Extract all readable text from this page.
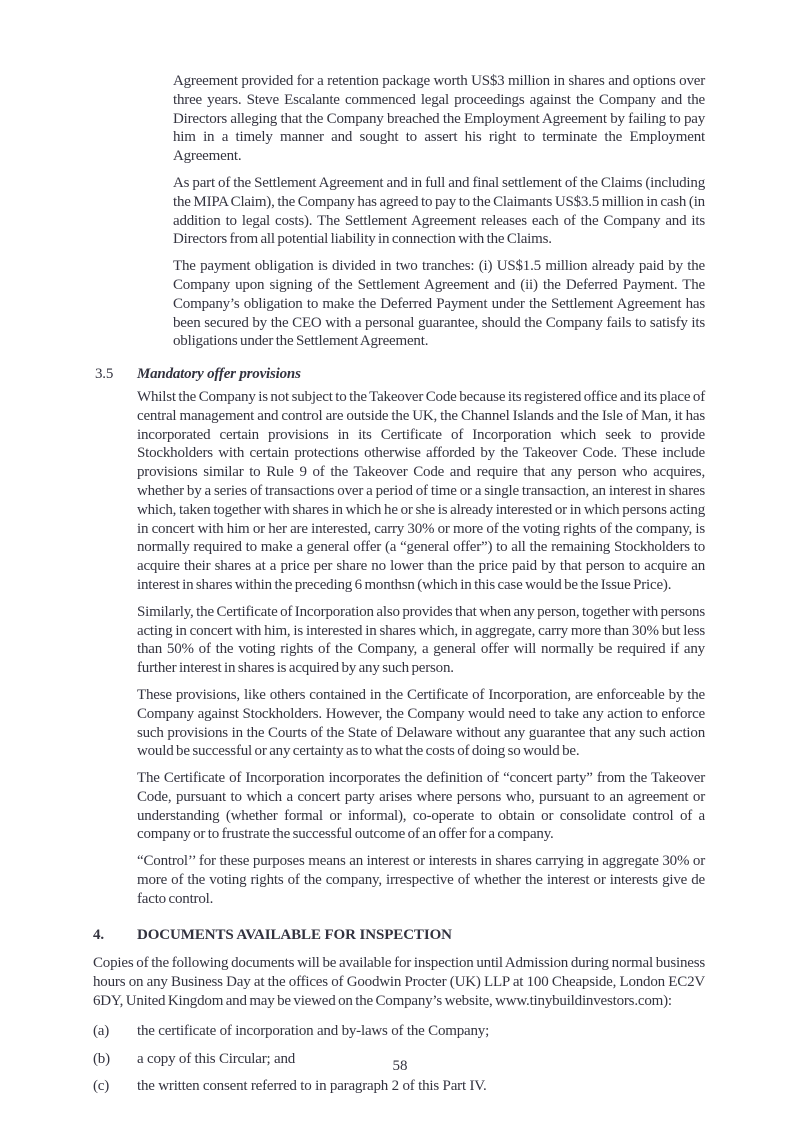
Agreement provided for a retention package worth US$3 million in shares and options over three years. Steve Escalante commenced legal proceedings against the Company and the Directors alleging that the Company breached the Employment Agreement by failing to pay him in a timely manner and sought to assert his right to terminate the Employment Agreement.

As part of the Settlement Agreement and in full and final settlement of the Claims (including the MIPA Claim), the Company has agreed to pay to the Claimants US$3.5 million in cash (in addition to legal costs). The Settlement Agreement releases each of the Company and its Directors from all potential liability in connection with the Claims.

The payment obligation is divided in two tranches: (i) US$1.5 million already paid by the Company upon signing of the Settlement Agreement and (ii) the Deferred Payment. The Company’s obligation to make the Deferred Payment under the Settlement Agreement has been secured by the CEO with a personal guarantee, should the Company fails to satisfy its obligations under the Settlement Agreement.

3.5	Mandatory offer provisions

Whilst the Company is not subject to the Takeover Code because its registered office and its place of central management and control are outside the UK, the Channel Islands and the Isle of Man, it has incorporated certain provisions in its Certificate of Incorporation which seek to provide Stockholders with certain protections otherwise afforded by the Takeover Code. These include provisions similar to Rule 9 of the Takeover Code and require that any person who acquires, whether by a series of transactions over a period of time or a single transaction, an interest in shares which, taken together with shares in which he or she is already interested or in which persons acting in concert with him or her are interested, carry 30% or more of the voting rights of the company, is normally required to make a general offer (a “general offer”) to all the remaining Stockholders to acquire their shares at a price per share no lower than the price paid by that person to acquire an interest in shares within the preceding 6 monthsn (which in this case would be the Issue Price).

Similarly, the Certificate of Incorporation also provides that when any person, together with persons acting in concert with him, is interested in shares which, in aggregate, carry more than 30% but less than 50% of the voting rights of the Company, a general offer will normally be required if any further interest in shares is acquired by any such person.

These provisions, like others contained in the Certificate of Incorporation, are enforceable by the Company against Stockholders. However, the Company would need to take any action to enforce such provisions in the Courts of the State of Delaware without any guarantee that any such action would be successful or any certainty as to what the costs of doing so would be.

The Certificate of Incorporation incorporates the definition of “concert party” from the Takeover Code, pursuant to which a concert party arises where persons who, pursuant to an agreement or understanding (whether formal or informal), co-operate to obtain or consolidate control of a company or to frustrate the successful outcome of an offer for a company.

“Control’’ for these purposes means an interest or interests in shares carrying in aggregate 30% or more of the voting rights of the company, irrespective of whether the interest or interests give de facto control.

4.	DOCUMENTS AVAILABLE FOR INSPECTION

Copies of the following documents will be available for inspection until Admission during normal business hours on any Business Day at the offices of Goodwin Procter (UK) LLP at 100 Cheapside, London EC2V 6DY, United Kingdom and may be viewed on the Company’s website, www.tinybuildinvestors.com):

(a)	the certificate of incorporation and by-laws of the Company;
(b)	a copy of this Circular; and
(c)	the written consent referred to in paragraph 2 of this Part IV.
58
